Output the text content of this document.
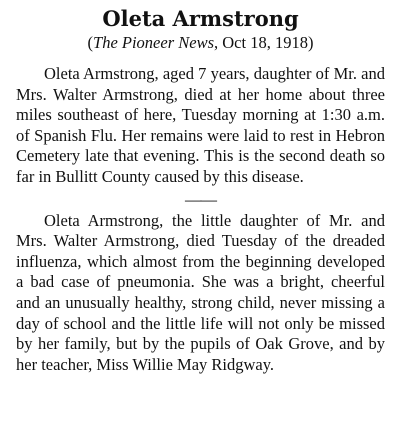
Oleta Armstrong
(The Pioneer News, Oct 18, 1918)

Oleta Armstrong, aged 7 years, daughter of Mr. and Mrs. Walter Armstrong, died at her home about three miles southeast of here, Tuesday morning at 1:30 a.m. of Spanish Flu. Her remains were laid to rest in Hebron Cemetery late that evening. This is the second death so far in Bullitt County caused by this disease.

——

Oleta Armstrong, the little daughter of Mr. and Mrs. Walter Armstrong, died Tuesday of the dreaded influenza, which almost from the beginning developed a bad case of pneumonia. She was a bright, cheerful and an unusually healthy, strong child, never missing a day of school and the little life will not only be missed by her family, but by the pupils of Oak Grove, and by her teacher, Miss Willie May Ridgway.
